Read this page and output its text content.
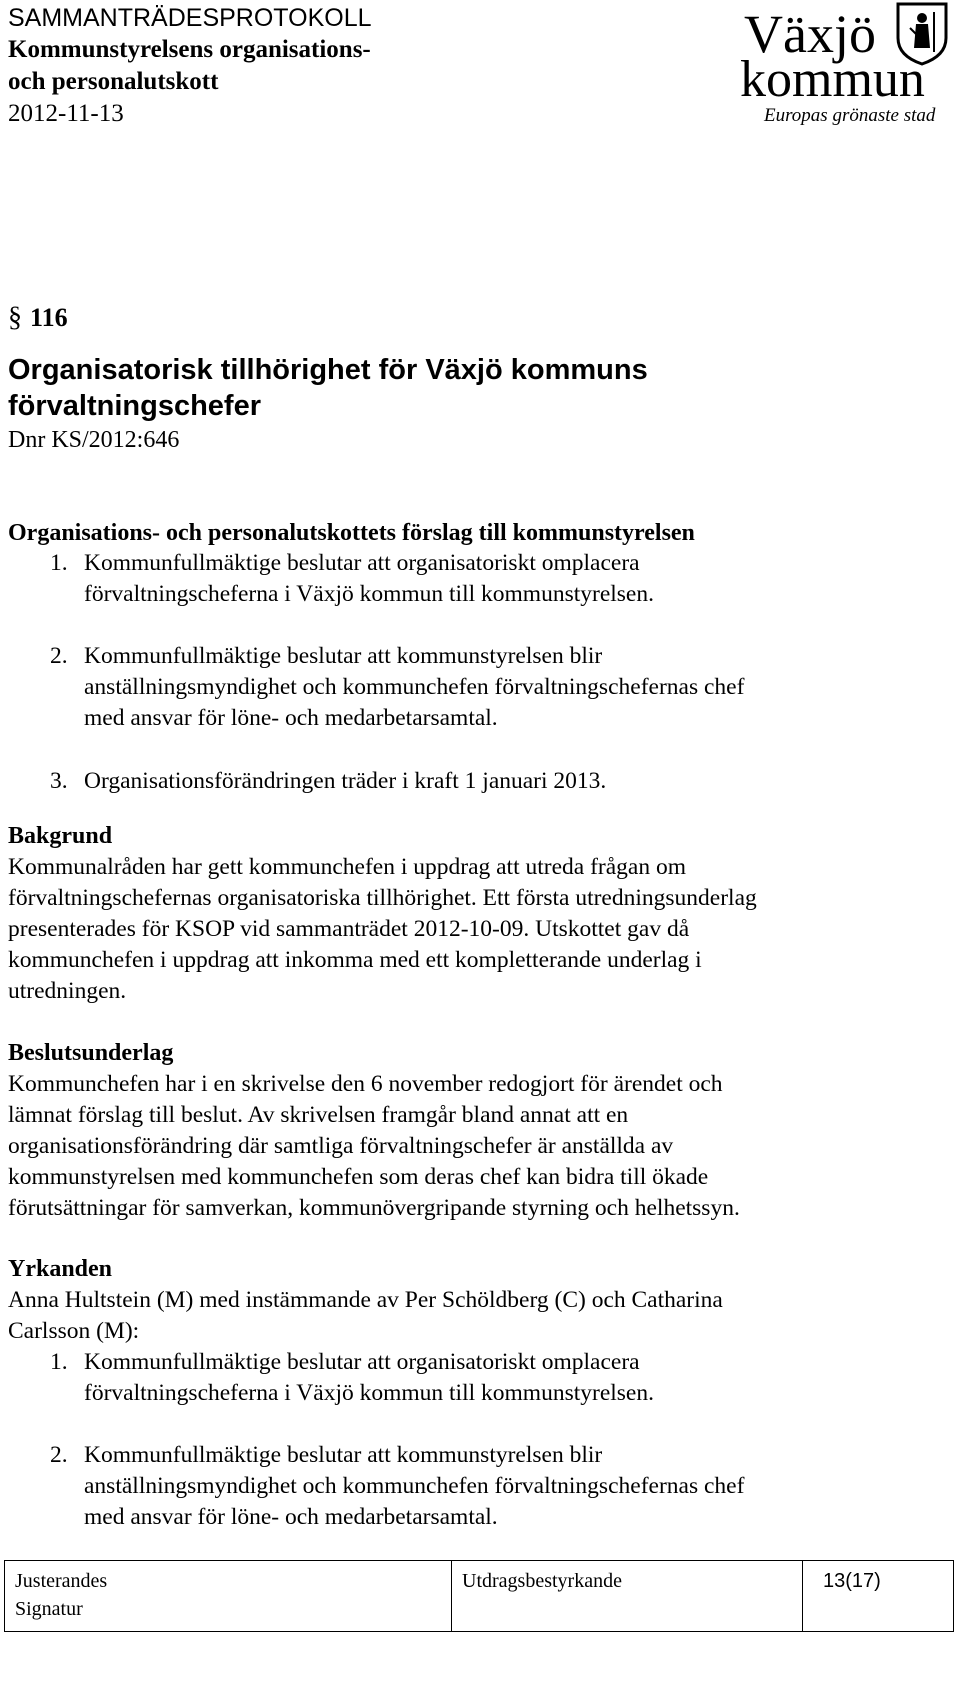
SAMMANTRÄDESPROTOKOLL
Kommunstyrelsens organisations-
och personalutskott
2012-11-13
Växjö
kommun
Europas grönaste stad
§ 116
Organisatorisk tillhörighet för Växjö kommuns
förvaltningschefer
Dnr KS/2012:646
Organisations- och personalutskottets förslag till kommunstyrelsen
1. Kommunfullmäktige beslutar att organisatoriskt omplacera
förvaltningscheferna i Växjö kommun till kommunstyrelsen.
2. Kommunfullmäktige beslutar att kommunstyrelsen blir
anställningsmyndighet och kommunchefen förvaltningschefernas chef
med ansvar för löne- och medarbetarsamtal.
3. Organisationsförändringen träder i kraft 1 januari 2013.
Bakgrund
Kommunalråden har gett kommunchefen i uppdrag att utreda frågan om
förvaltningschefernas organisatoriska tillhörighet. Ett första utredningsunderlag
presenterades för KSOP vid sammanträdet 2012-10-09. Utskottet gav då
kommunchefen i uppdrag att inkomma med ett kompletterande underlag i
utredningen.
Beslutsunderlag
Kommunchefen har i en skrivelse den 6 november redogjort för ärendet och
lämnat förslag till beslut. Av skrivelsen framgår bland annat att en
organisationsförändring där samtliga förvaltningschefer är anställda av
kommunstyrelsen med kommunchefen som deras chef kan bidra till ökade
förutsättningar för samverkan, kommunövergripande styrning och helhetssyn.
Yrkanden
Anna Hultstein (M) med instämmande av Per Schöldberg (C) och Catharina
Carlsson (M):
1. Kommunfullmäktige beslutar att organisatoriskt omplacera
förvaltningscheferna i Växjö kommun till kommunstyrelsen.
2. Kommunfullmäktige beslutar att kommunstyrelsen blir
anställningsmyndighet och kommunchefen förvaltningschefernas chef
med ansvar för löne- och medarbetarsamtal.
Justerandes
Signatur
Utdragsbestyrkande	13(17)
